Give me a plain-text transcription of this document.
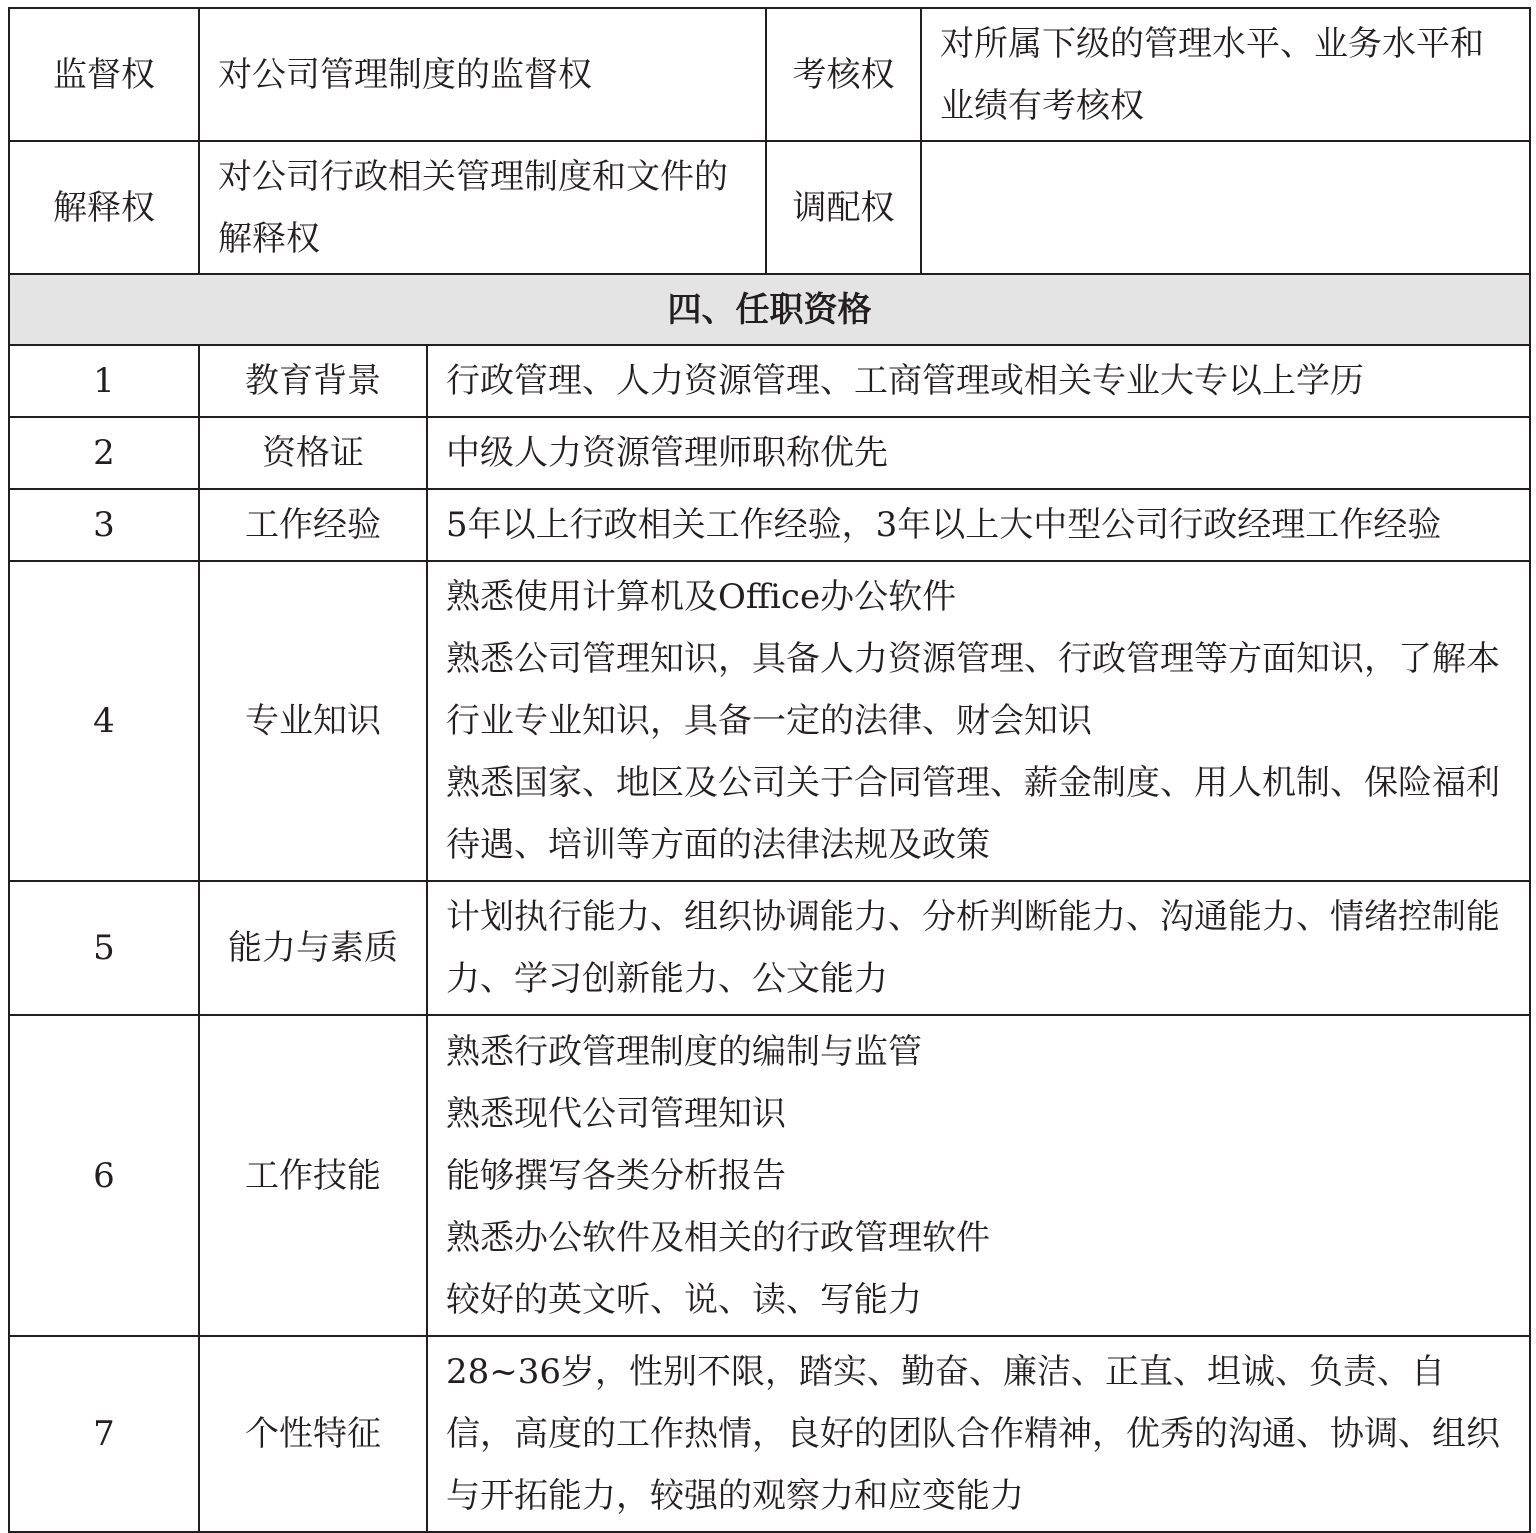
监督权	对公司管理制度的监督权		考核权	对所属下级的管理水平、业务水平和业绩有考核权
解释权	对公司行政相关管理制度和文件的解释权		调配权	
四、任职资格				
1	教育背景	行政管理、人力资源管理、工商管理或相关专业大专以上学历		

2	资格证	中级人力资源管理师职称优先		

3	工作经验	5年以上行政相关工作经验，3年以上大中型公司行政经理工作经验		

4	专业知识	熟悉使用计算机及Office办公软件
熟悉公司管理知识，具备人力资源管理、行政管理等方面知识，了解本行业专业知识，具备一定的法律、财会知识
熟悉国家、地区及公司关于合同管理、薪金制度、用人机制、保险福利待遇、培训等方面的法律法规及政策		

5	能力与素质	计划执行能力、组织协调能力、分析判断能力、沟通能力、情绪控制能力、学习创新能力、公文能力		

6	工作技能	熟悉行政管理制度的编制与监管
熟悉现代公司管理知识
能够撰写各类分析报告
熟悉办公软件及相关的行政管理软件
较好的英文听、说、读、写能力		

7	个性特征	28~36岁，性别不限，踏实、勤奋、廉洁、正直、坦诚、负责、自信，高度的工作热情，良好的团队合作精神，优秀的沟通、协调、组织与开拓能力，较强的观察力和应变能力		
